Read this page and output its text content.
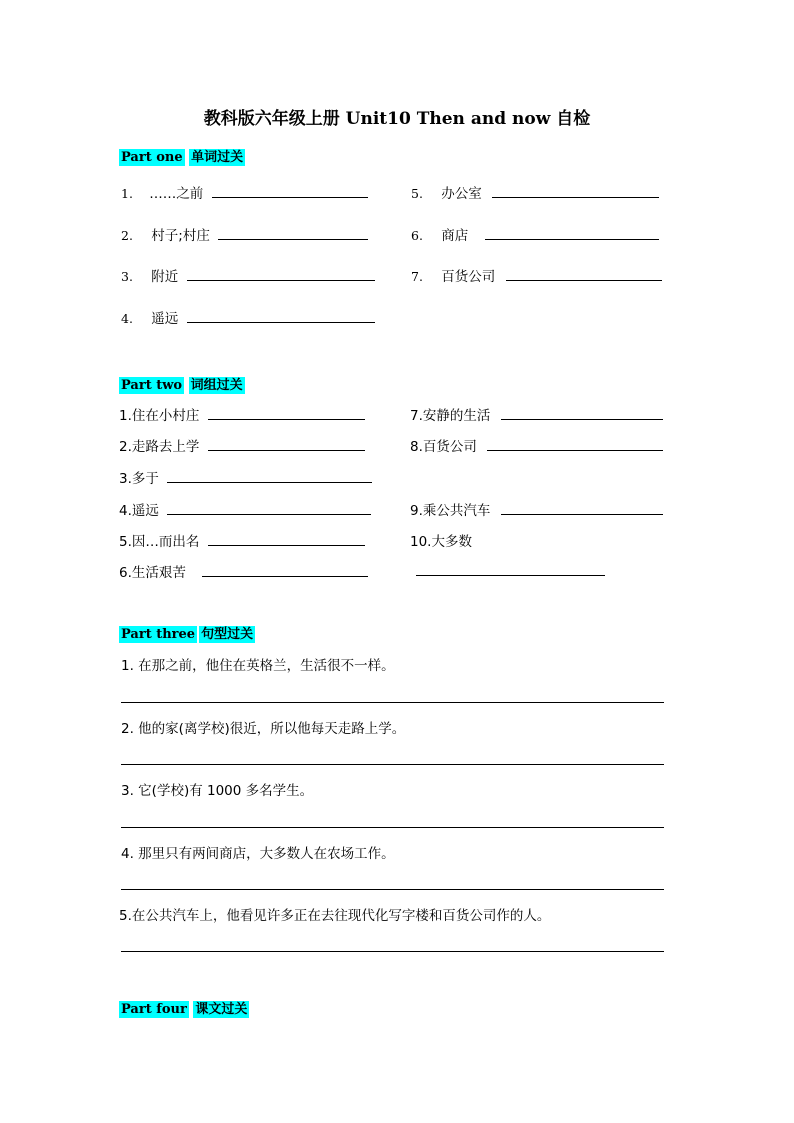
教科版六年级上册 Unit10 Then and now 自检
Part one 单词过关
1. ……之前
2. 村子;村庄
3. 附近
4. 遥远
5. 办公室
6. 商店
7. 百货公司
Part two 词组过关
1.住在小村庄
2.走路去上学
3.多于
4.遥远
5.因…而出名
6.生活艰苦
7.安静的生活
8.百货公司
9.乘公共汽车
10.大多数
Part three 句型过关
1. 在那之前，他住在英格兰，生活很不一样。
2. 他的家(离学校)很近，所以他每天走路上学。
3. 它(学校)有 1000 多名学生。
4. 那里只有两间商店，大多数人在农场工作。
5.在公共汽车上，他看见许多正在去往现代化写字楼和百货公司作的人。
Part four 课文过关
